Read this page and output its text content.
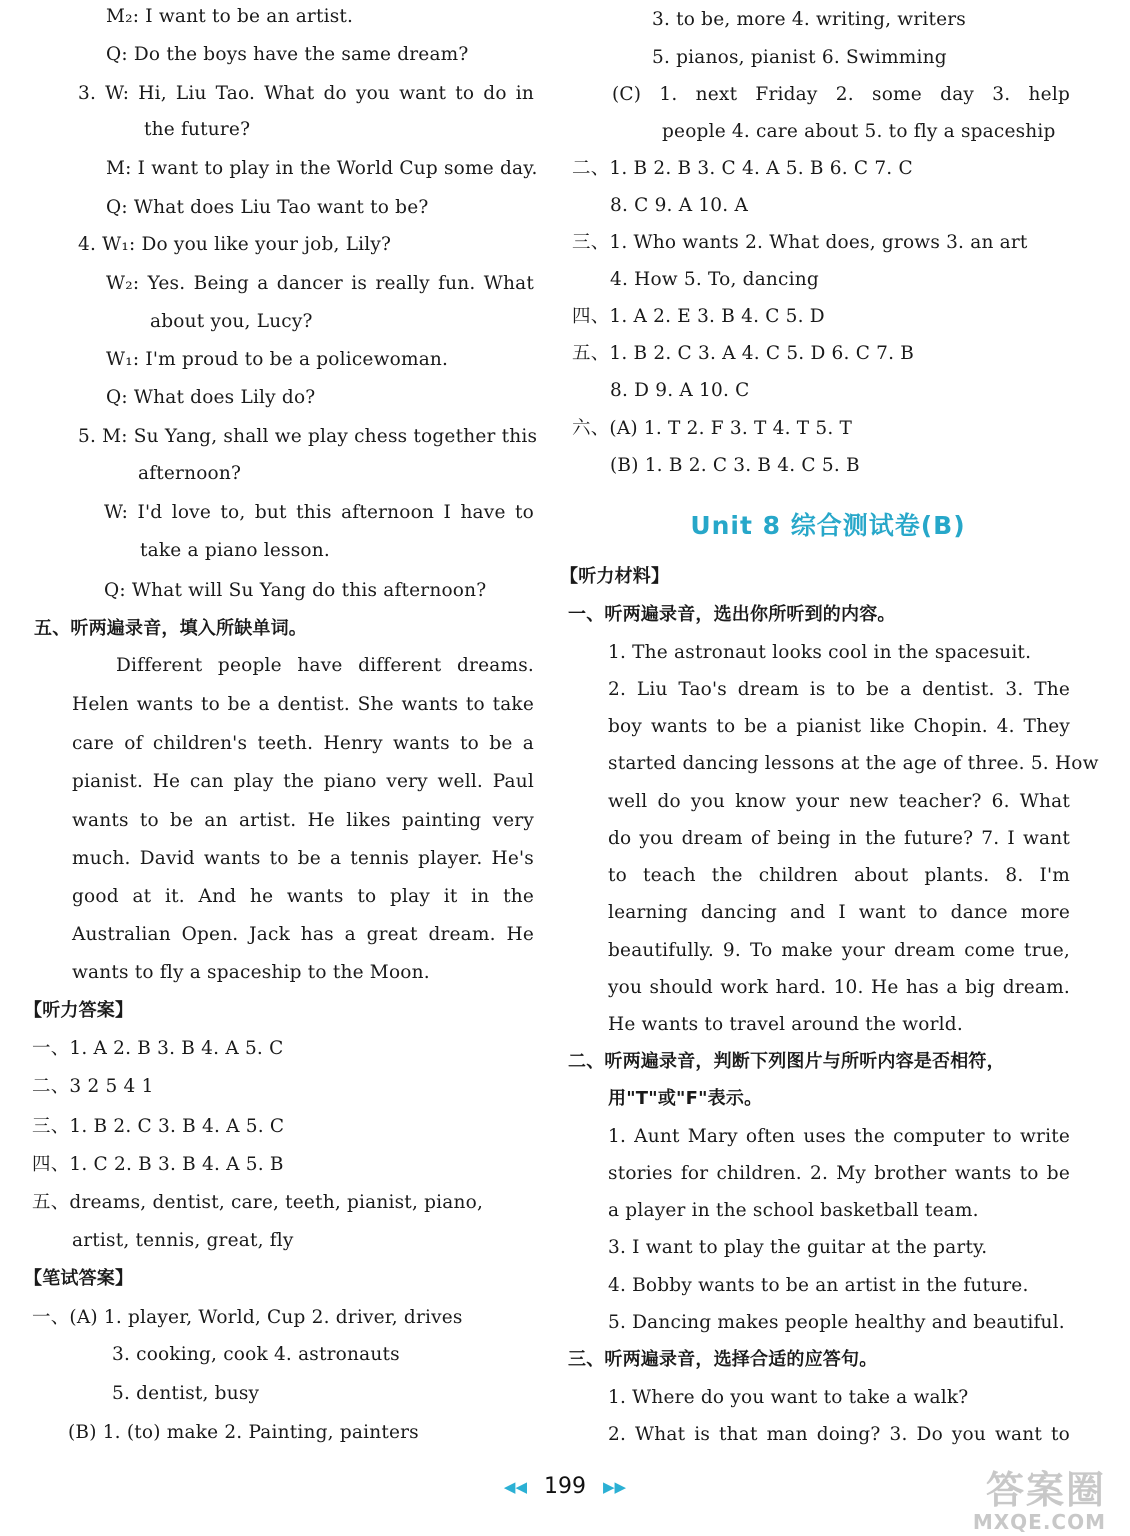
M₂: I want to be an artist.
Q: Do the boys have the same dream?
3. W: Hi, Liu Tao. What do you want to do in
the future?
M: I want to play in the World Cup some day.
Q: What does Liu Tao want to be?
4. W₁: Do you like your job, Lily?
W₂: Yes. Being a dancer is really fun. What
about you, Lucy?
W₁: I'm proud to be a policewoman.
Q: What does Lily do?
5. M: Su Yang, shall we play chess together this
afternoon?
W: I'd love to, but this afternoon I have to
take a piano lesson.
Q: What will Su Yang do this afternoon?
五、听两遍录音，填入所缺单词。
Different people have different dreams.
Helen wants to be a dentist. She wants to take
care of children's teeth. Henry wants to be a
pianist. He can play the piano very well. Paul
wants to be an artist. He likes painting very
much. David wants to be a tennis player. He's
good at it. And he wants to play it in the
Australian Open. Jack has a great dream. He
wants to fly a spaceship to the Moon.
【听力答案】
一、1. A 2. B 3. B 4. A 5. C
二、3 2 5 4 1
三、1. B 2. C 3. B 4. A 5. C
四、1. C 2. B 3. B 4. A 5. B
五、dreams, dentist, care, teeth, pianist, piano,
artist, tennis, great, fly
【笔试答案】
一、(A) 1. player, World, Cup 2. driver, drives
3. cooking, cook 4. astronauts
5. dentist, busy
(B) 1. (to) make 2. Painting, painters
Unit 8 综合测试卷(B)
3. to be, more 4. writing, writers
5. pianos, pianist 6. Swimming
(C) 1. next Friday 2. some day 3. help
people 4. care about 5. to fly a spaceship
二、1. B 2. B 3. C 4. A 5. B 6. C 7. C
8. C 9. A 10. A
三、1. Who wants 2. What does, grows 3. an art
4. How 5. To, dancing
四、1. A 2. E 3. B 4. C 5. D
五、1. B 2. C 3. A 4. C 5. D 6. C 7. B
8. D 9. A 10. C
六、(A) 1. T 2. F 3. T 4. T 5. T
(B) 1. B 2. C 3. B 4. C 5. B
【听力材料】
一、听两遍录音，选出你所听到的内容。
1. The astronaut looks cool in the spacesuit.
2. Liu Tao's dream is to be a dentist. 3. The
boy wants to be a pianist like Chopin. 4. They
started dancing lessons at the age of three. 5. How
well do you know your new teacher? 6. What
do you dream of being in the future? 7. I want
to teach the children about plants. 8. I'm
learning dancing and I want to dance more
beautifully. 9. To make your dream come true,
you should work hard. 10. He has a big dream.
He wants to travel around the world.
二、听两遍录音，判断下列图片与所听内容是否相符，
用"T"或"F"表示。
1. Aunt Mary often uses the computer to write
stories for children. 2. My brother wants to be
a player in the school basketball team.
3. I want to play the guitar at the party.
4. Bobby wants to be an artist in the future.
5. Dancing makes people healthy and beautiful.
三、听两遍录音，选择合适的应答句。
1. Where do you want to take a walk?
2. What is that man doing? 3. Do you want to
◀◀ 199 ▶▶	答案圈
MXQE.COM
